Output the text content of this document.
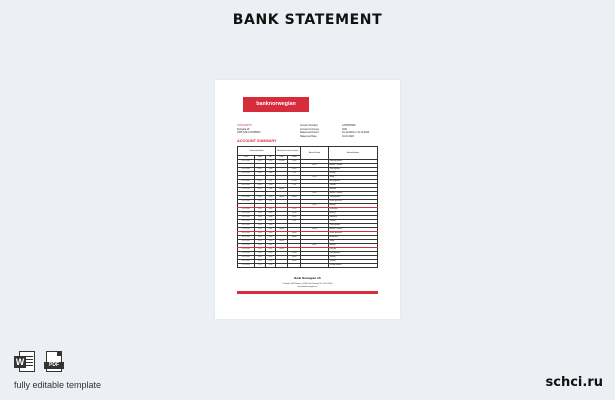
BANK STATEMENT
banknorwegian
JOHN SMITH
Storgata 16
0155 OSLO NORWAY
Account Number	1234567890
Account Currency	NOK
Statement Period	01.12.2022 to 31.12.2022
Statement Date	01.01.2023
ACCOUNT SUMMARY
Transaction details			Amount in account currency		Amount Saved	Account balance
Date	Value	Ref	Debit	Credit		
01.12.2022	01.12	1234	178,500	12,00		Opening balance
					81,00	Balance Transfer
02.12.2022	02.12	1235		42,00		Card payment
03.12.2022	03.12	1236		7,50		Grocery
					31,20	Salary
05.12.2022	05.12	1237		157,00		Rent payment
06.12.2022	06.12	1238		1,50		Transfer
07.12.2022	07.12	1239	390,00			Utility bill
					56,00	Balance Transfer
09.12.2022	09.12	1240	180,00	149,00		Card payment
10.12.2022	10.12	1241				Online purchase
					31,00	Savings
12.12.2022	12.12	1242		97,00		Restaurant
13.12.2022	13.12	1243		14,00		Grocery
14.12.2022	14.12	1244		32,80		Insurance
15.12.2022	15.12	1245		9,00		Transfer
16.12.2022	16.12	1246				Card payment
17.12.2022	17.12	1247	145,00		106,00	Balance Transfer
18.12.2022	18.12	1248		140,00		Online purchase
19.12.2022	19.12	1249		146,00		Restaurant
20.12.2022	20.12	1250	138,00			Salary
21.12.2022	21.12	1251			65,00	Savings
22.12.2022	22.12	1252	143,00			Utility bill
23.12.2022	23.12	1253		170,00		Card payment
24.12.2022	24.12	1254		26,00		Grocery
26.12.2022	26.12	1255		40,00		Transfer
27.12.2022	27.12	1256				Closing balance
Bank Norwegian AS
Postboks 218 Sentrum, 0103 Oslo, Norway Tel: 915 04 800
www.banknorwegian.no
W	PDF
fully editable template	schci.ru
